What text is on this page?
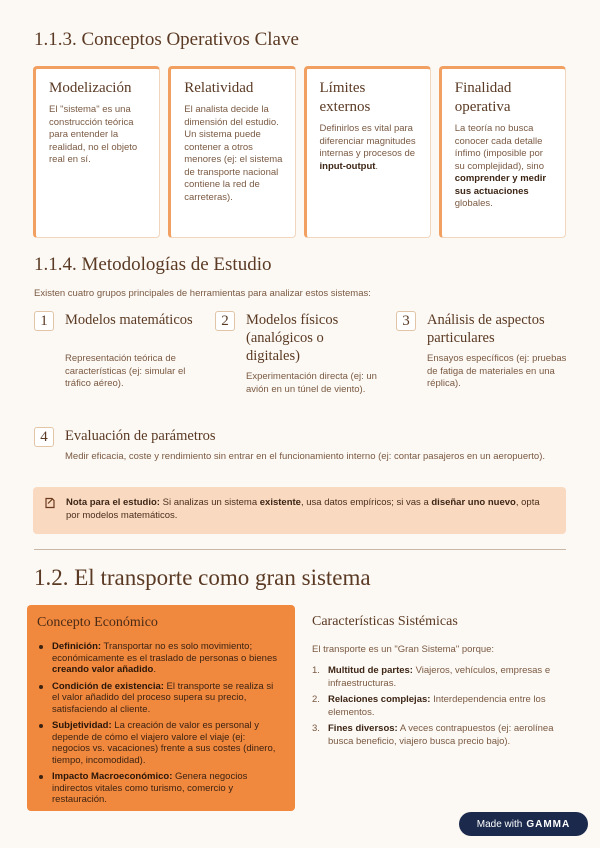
1.1.3. Conceptos Operativos Clave
Modelización
El "sistema" es una construcción teórica para entender la realidad, no el objeto real en sí.
Relatividad
El analista decide la dimensión del estudio. Un sistema puede contener a otros menores (ej: el sistema de transporte nacional contiene la red de carreteras).
Límites externos
Definirlos es vital para diferenciar magnitudes internas y procesos de input-output.
Finalidad operativa
La teoría no busca conocer cada detalle ínfimo (imposible por su complejidad), sino comprender y medir sus actuaciones globales.
1.1.4. Metodologías de Estudio
Existen cuatro grupos principales de herramientas para analizar estos sistemas:
1	Modelos matemáticos
Representación teórica de características (ej: simular el tráfico aéreo).
2	Modelos físicos (analógicos o digitales)
Experimentación directa (ej: un avión en un túnel de viento).
3	Análisis de aspectos particulares
Ensayos específicos (ej: pruebas de fatiga de materiales en una réplica).
4	Evaluación de parámetros
Medir eficacia, coste y rendimiento sin entrar en el funcionamiento interno (ej: contar pasajeros en un aeropuerto).
Nota para el estudio: Si analizas un sistema existente, usa datos empíricos; si vas a diseñar uno nuevo, opta por modelos matemáticos.
1.2. El transporte como gran sistema
Concepto Económico
Definición: Transportar no es solo movimiento; económicamente es el traslado de personas o bienes creando valor añadido.
Condición de existencia: El transporte se realiza si el valor añadido del proceso supera su precio, satisfaciendo al cliente.
Subjetividad: La creación de valor es personal y depende de cómo el viajero valore el viaje (ej: negocios vs. vacaciones) frente a sus costes (dinero, tiempo, incomodidad).
Impacto Macroeconómico: Genera negocios indirectos vitales como turismo, comercio y restauración.
Características Sistémicas
El transporte es un "Gran Sistema" porque:
1. Multitud de partes: Viajeros, vehículos, empresas e infraestructuras.
2. Relaciones complejas: Interdependencia entre los elementos.
3. Fines diversos: A veces contrapuestos (ej: aerolínea busca beneficio, viajero busca precio bajo).
Made with GAMMA
